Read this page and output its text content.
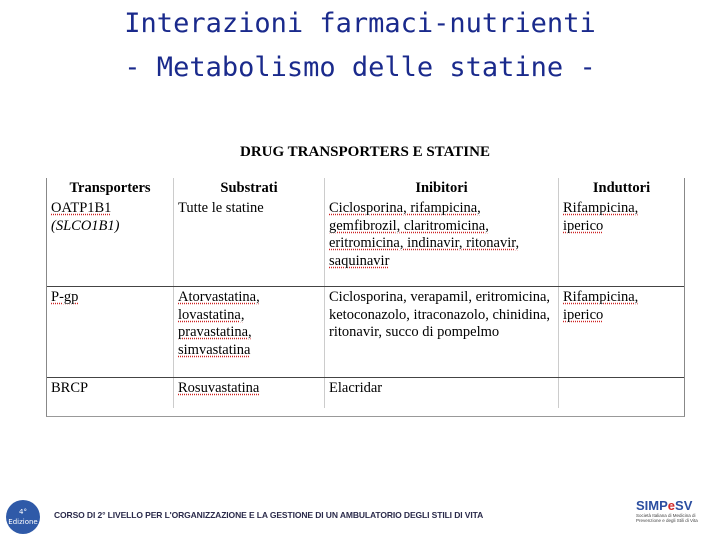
Interazioni farmaci-nutrienti
- Metabolismo delle statine -
DRUG TRANSPORTERS E STATINE
Transporters	Substrati	Inibitori	Induttori

OATP1B1
(SLCO1B1)	Tutte le statine	Ciclosporina, rifampicina, gemfibrozil, claritromicina, eritromicina, indinavir, ritonavir, saquinavir	Rifampicina, iperico
P-gp	Atorvastatina, lovastatina, pravastatina, simvastatina	Ciclosporina, verapamil, eritromicina, ketoconazolo, itraconazolo, chinidina, ritonavir, succo di pompelmo	Rifampicina, iperico
BRCP	Rosuvastatina	Elacridar	
4°
Edizione
CORSO DI 2° LIVELLO PER L'ORGANIZZAZIONE E LA GESTIONE DI UN AMBULATORIO DEGLI STILI DI VITA
SIMPeSV
Società Italiana di Medicina di Prevenzione e degli Stili di Vita
